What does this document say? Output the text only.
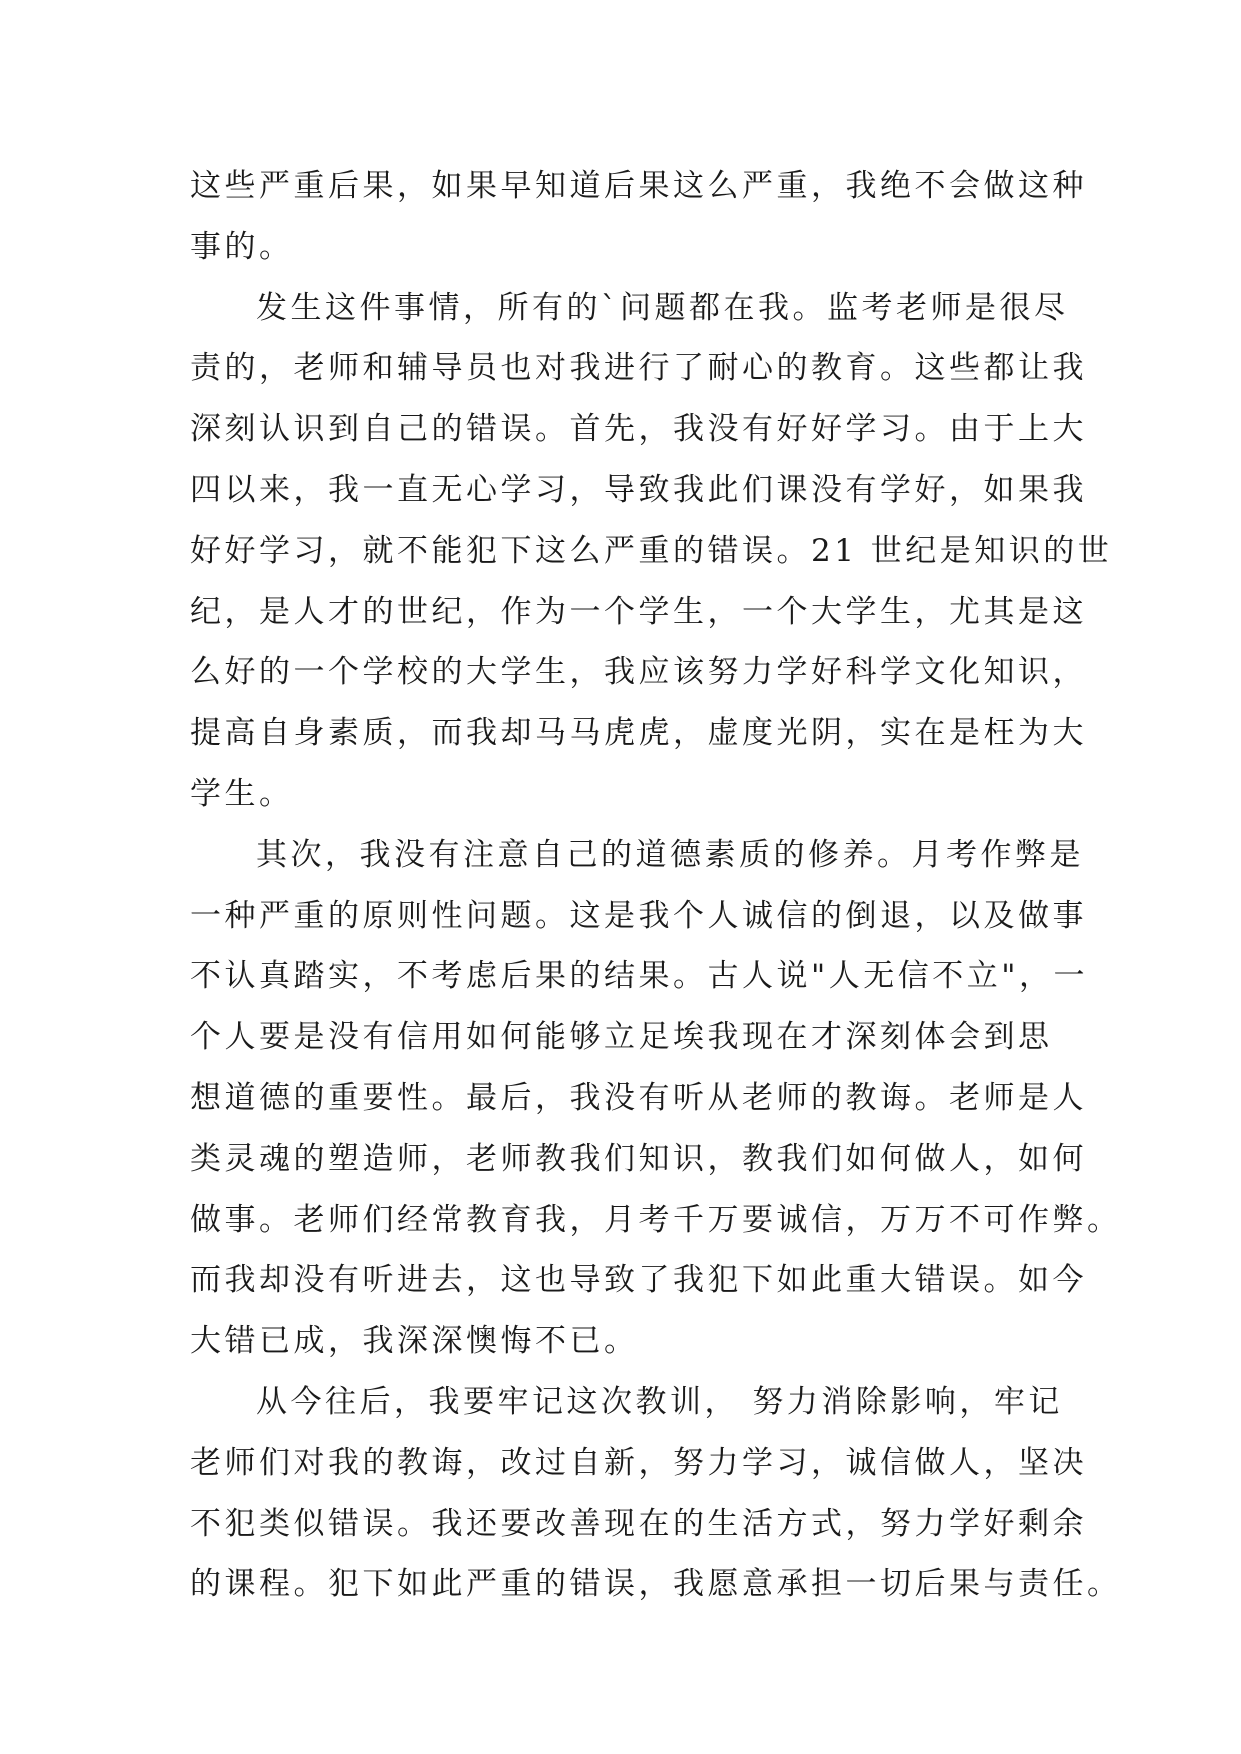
这些严重后果，如果早知道后果这么严重，我绝不会做这种
事的。
发生这件事情，所有的`问题都在我。监考老师是很尽
责的，老师和辅导员也对我进行了耐心的教育。这些都让我
深刻认识到自己的错误。首先，我没有好好学习。由于上大
四以来，我一直无心学习，导致我此们课没有学好，如果我
好好学习，就不能犯下这么严重的错误。21 世纪是知识的世
纪，是人才的世纪，作为一个学生，一个大学生，尤其是这
么好的一个学校的大学生，我应该努力学好科学文化知识，
提高自身素质，而我却马马虎虎，虚度光阴，实在是枉为大
学生。
其次，我没有注意自己的道德素质的修养。月考作弊是
一种严重的原则性问题。这是我个人诚信的倒退，以及做事
不认真踏实，不考虑后果的结果。古人说"人无信不立"，一
个人要是没有信用如何能够立足埃我现在才深刻体会到思
想道德的重要性。最后，我没有听从老师的教诲。老师是人
类灵魂的塑造师，老师教我们知识，教我们如何做人，如何
做事。老师们经常教育我，月考千万要诚信，万万不可作弊。
而我却没有听进去，这也导致了我犯下如此重大错误。如今
大错已成，我深深懊悔不已。
从今往后，我要牢记这次教训， 努力消除影响，牢记
老师们对我的教诲，改过自新，努力学习，诚信做人，坚决
不犯类似错误。我还要改善现在的生活方式，努力学好剩余
的课程。犯下如此严重的错误，我愿意承担一切后果与责任。
